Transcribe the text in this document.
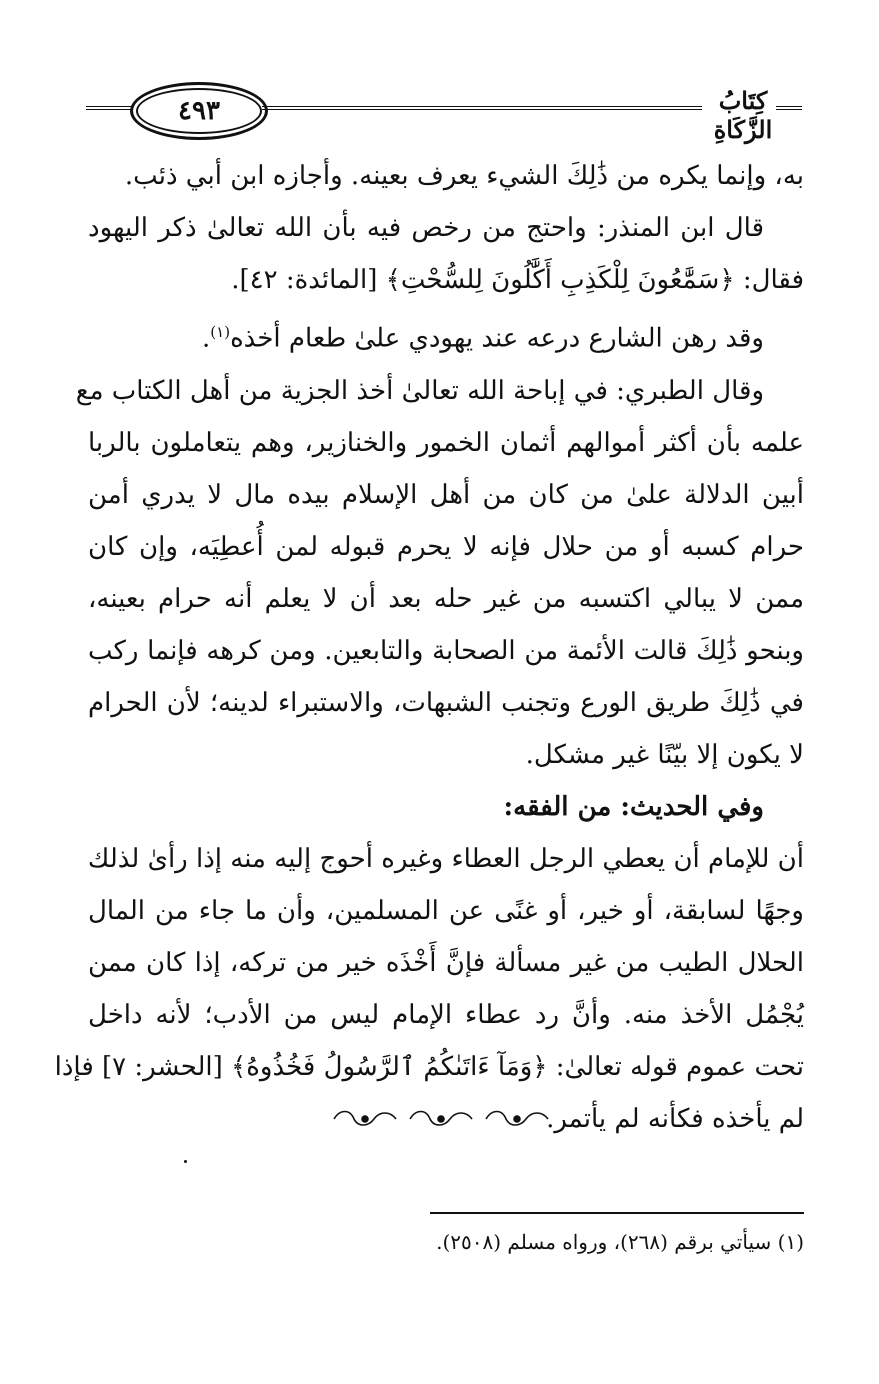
٤٩٣	كِتَابُ الزَّكَاةِ
به، وإنما يكره من ذَٰلِكَ الشيء يعرف بعينه. وأجازه ابن أبي ذئب.
قال ابن المنذر: واحتج من رخص فيه بأن الله تعالىٰ ذكر اليهود
فقال: ﴿سَمَّٰعُونَ لِلْكَذِبِ أَكَّٰلُونَ لِلسُّحْتِ﴾ [المائدة: ٤٢].
وقد رهن الشارع درعه عند يهودي علىٰ طعام أخذه$^{(١)}$.
وقال الطبري: في إباحة الله تعالىٰ أخذ الجزية من أهل الكتاب مع
علمه بأن أكثر أموالهم أثمان الخمور والخنازير، وهم يتعاملون بالربا
أبين الدلالة علىٰ من كان من أهل الإسلام بيده مال لا يدري أمن
حرام كسبه أو من حلال فإنه لا يحرم قبوله لمن أُعطِيَه، وإن كان
ممن لا يبالي اكتسبه من غير حله بعد أن لا يعلم أنه حرام بعينه،
وبنحو ذَٰلِكَ قالت الأئمة من الصحابة والتابعين. ومن كرهه فإنما ركب
في ذَٰلِكَ طريق الورع وتجنب الشبهات، والاستبراء لدينه؛ لأن الحرام
لا يكون إلا بيّنًا غير مشكل.
وفي الحديث: من الفقه:
أن للإمام أن يعطي الرجل العطاء وغيره أحوج إليه منه إذا رأىٰ لذلك
وجهًا لسابقة، أو خير، أو غنًى عن المسلمين، وأن ما جاء من المال
الحلال الطيب من غير مسألة فإنَّ أَخْذَه خير من تركه، إذا كان ممن
يُجْمُل الأخذ منه. وأنَّ رد عطاء الإمام ليس من الأدب؛ لأنه داخل
تحت عموم قوله تعالىٰ: ﴿وَمَآ ءَاتَىٰكُمُ ٱلرَّسُولُ فَخُذُوهُ﴾ [الحشر: ٧] فإذا
لم يأخذه فكأنه لم يأتمر.
(١) سيأتي برقم (٢٦٨)، ورواه مسلم (٢٥٠٨).
